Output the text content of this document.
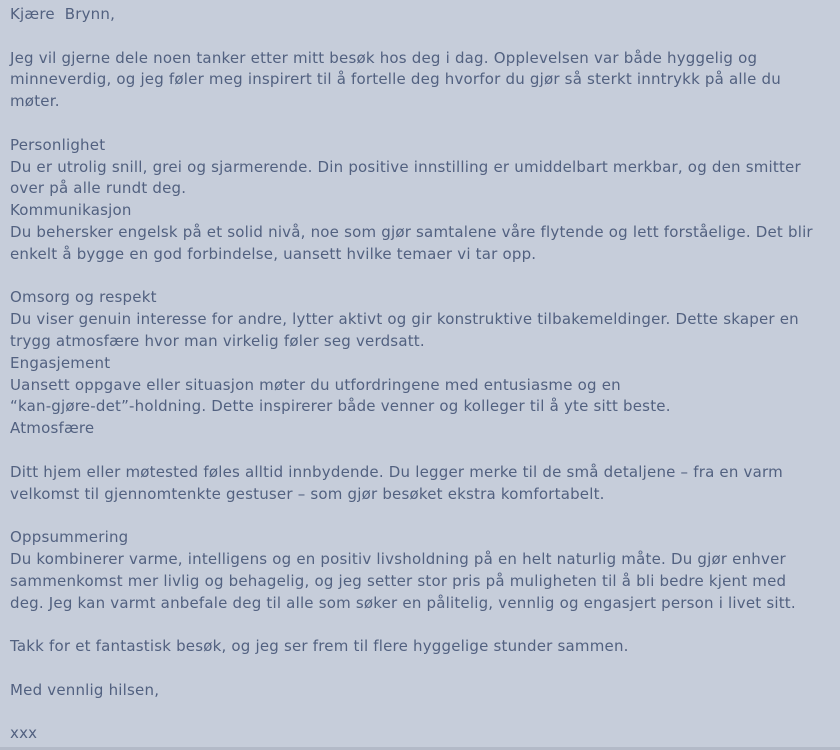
Kjære  Brynn,
Jeg vil gjerne dele noen tanker etter mitt besøk hos deg i dag. Opplevelsen var både hyggelig og
minneverdig, og jeg føler meg inspirert til å fortelle deg hvorfor du gjør så sterkt inntrykk på alle du
møter.
Personlighet
Du er utrolig snill, grei og sjarmerende. Din positive innstilling er umiddelbart merkbar, og den smitter
over på alle rundt deg.
Kommunikasjon
Du behersker engelsk på et solid nivå, noe som gjør samtalene våre flytende og lett forståelige. Det blir
enkelt å bygge en god forbindelse, uansett hvilke temaer vi tar opp.
Omsorg og respekt
Du viser genuin interesse for andre, lytter aktivt og gir konstruktive tilbakemeldinger. Dette skaper en
trygg atmosfære hvor man virkelig føler seg verdsatt.
Engasjement
Uansett oppgave eller situasjon møter du utfordringene med entusiasme og en
“kan-gjøre-det”-holdning. Dette inspirerer både venner og kolleger til å yte sitt beste.
Atmosfære
Ditt hjem eller møtested føles alltid innbydende. Du legger merke til de små detaljene – fra en varm
velkomst til gjennomtenkte gestuser – som gjør besøket ekstra komfortabelt.
Oppsummering
Du kombinerer varme, intelligens og en positiv livsholdning på en helt naturlig måte. Du gjør enhver
sammenkomst mer livlig og behagelig, og jeg setter stor pris på muligheten til å bli bedre kjent med
deg. Jeg kan varmt anbefale deg til alle som søker en pålitelig, vennlig og engasjert person i livet sitt.
Takk for et fantastisk besøk, og jeg ser frem til flere hyggelige stunder sammen.
Med vennlig hilsen,
xxx
